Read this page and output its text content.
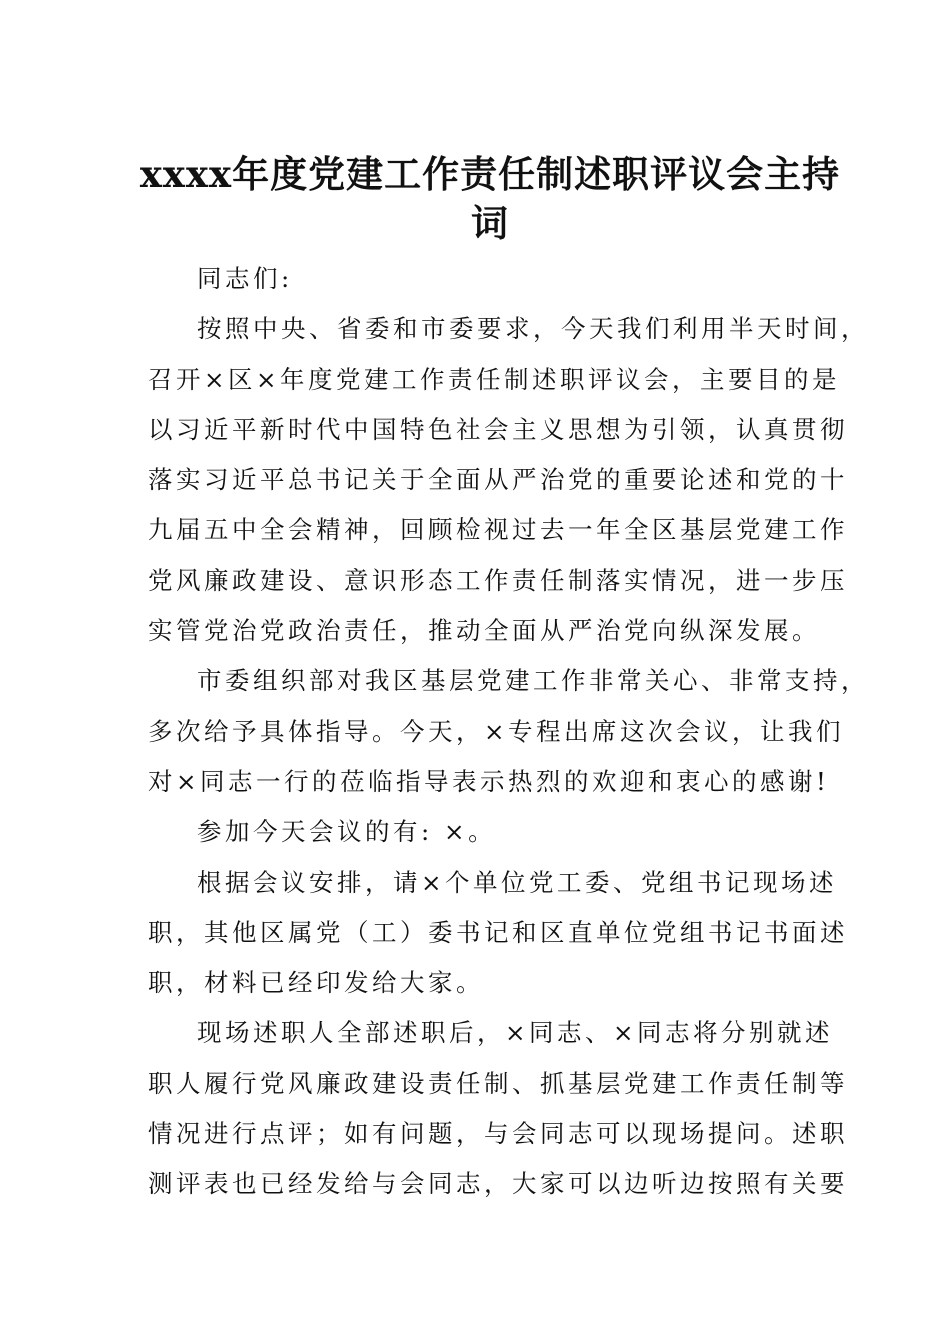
xxxx年度党建工作责任制述职评议会主持
词
同志们:
按照中央、省委和市委要求，今天我们利用半天时间，
召开×区×年度党建工作责任制述职评议会，主要目的是
以习近平新时代中国特色社会主义思想为引领，认真贯彻
落实习近平总书记关于全面从严治党的重要论述和党的十
九届五中全会精神，回顾检视过去一年全区基层党建工作
党风廉政建设、意识形态工作责任制落实情况，进一步压
实管党治党政治责任，推动全面从严治党向纵深发展。
市委组织部对我区基层党建工作非常关心、非常支持，
多次给予具体指导。今天，×专程出席这次会议，让我们
对×同志一行的莅临指导表示热烈的欢迎和衷心的感谢!
参加今天会议的有: ×。
根据会议安排，请×个单位党工委、党组书记现场述
职，其他区属党（工）委书记和区直单位党组书记书面述
职，材料已经印发给大家。
现场述职人全部述职后，×同志、×同志将分别就述
职人履行党风廉政建设责任制、抓基层党建工作责任制等
情况进行点评；如有问题，与会同志可以现场提问。述职
测评表也已经发给与会同志，大家可以边听边按照有关要
